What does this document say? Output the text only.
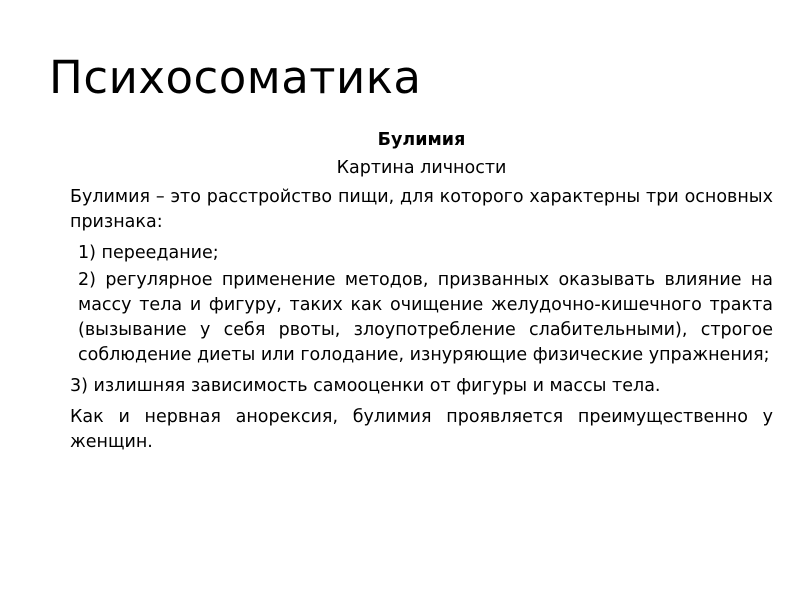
Психосоматика
Булимия
Картина личности
Булимия – это расстройство пищи, для которого характерны три основных признака:
1) переедание;
2) регулярное применение методов, призванных оказывать влияние на массу тела и фигуру, таких как очищение желудочно-кишечного тракта (вызывание у себя рвоты, злоупотребление слабительными), строгое соблюдение диеты или голодание, изнуряющие физические упражнения;
3) излишняя зависимость самооценки от фигуры и массы тела.
Как и нервная анорексия, булимия проявляется преимущественно у женщин.
